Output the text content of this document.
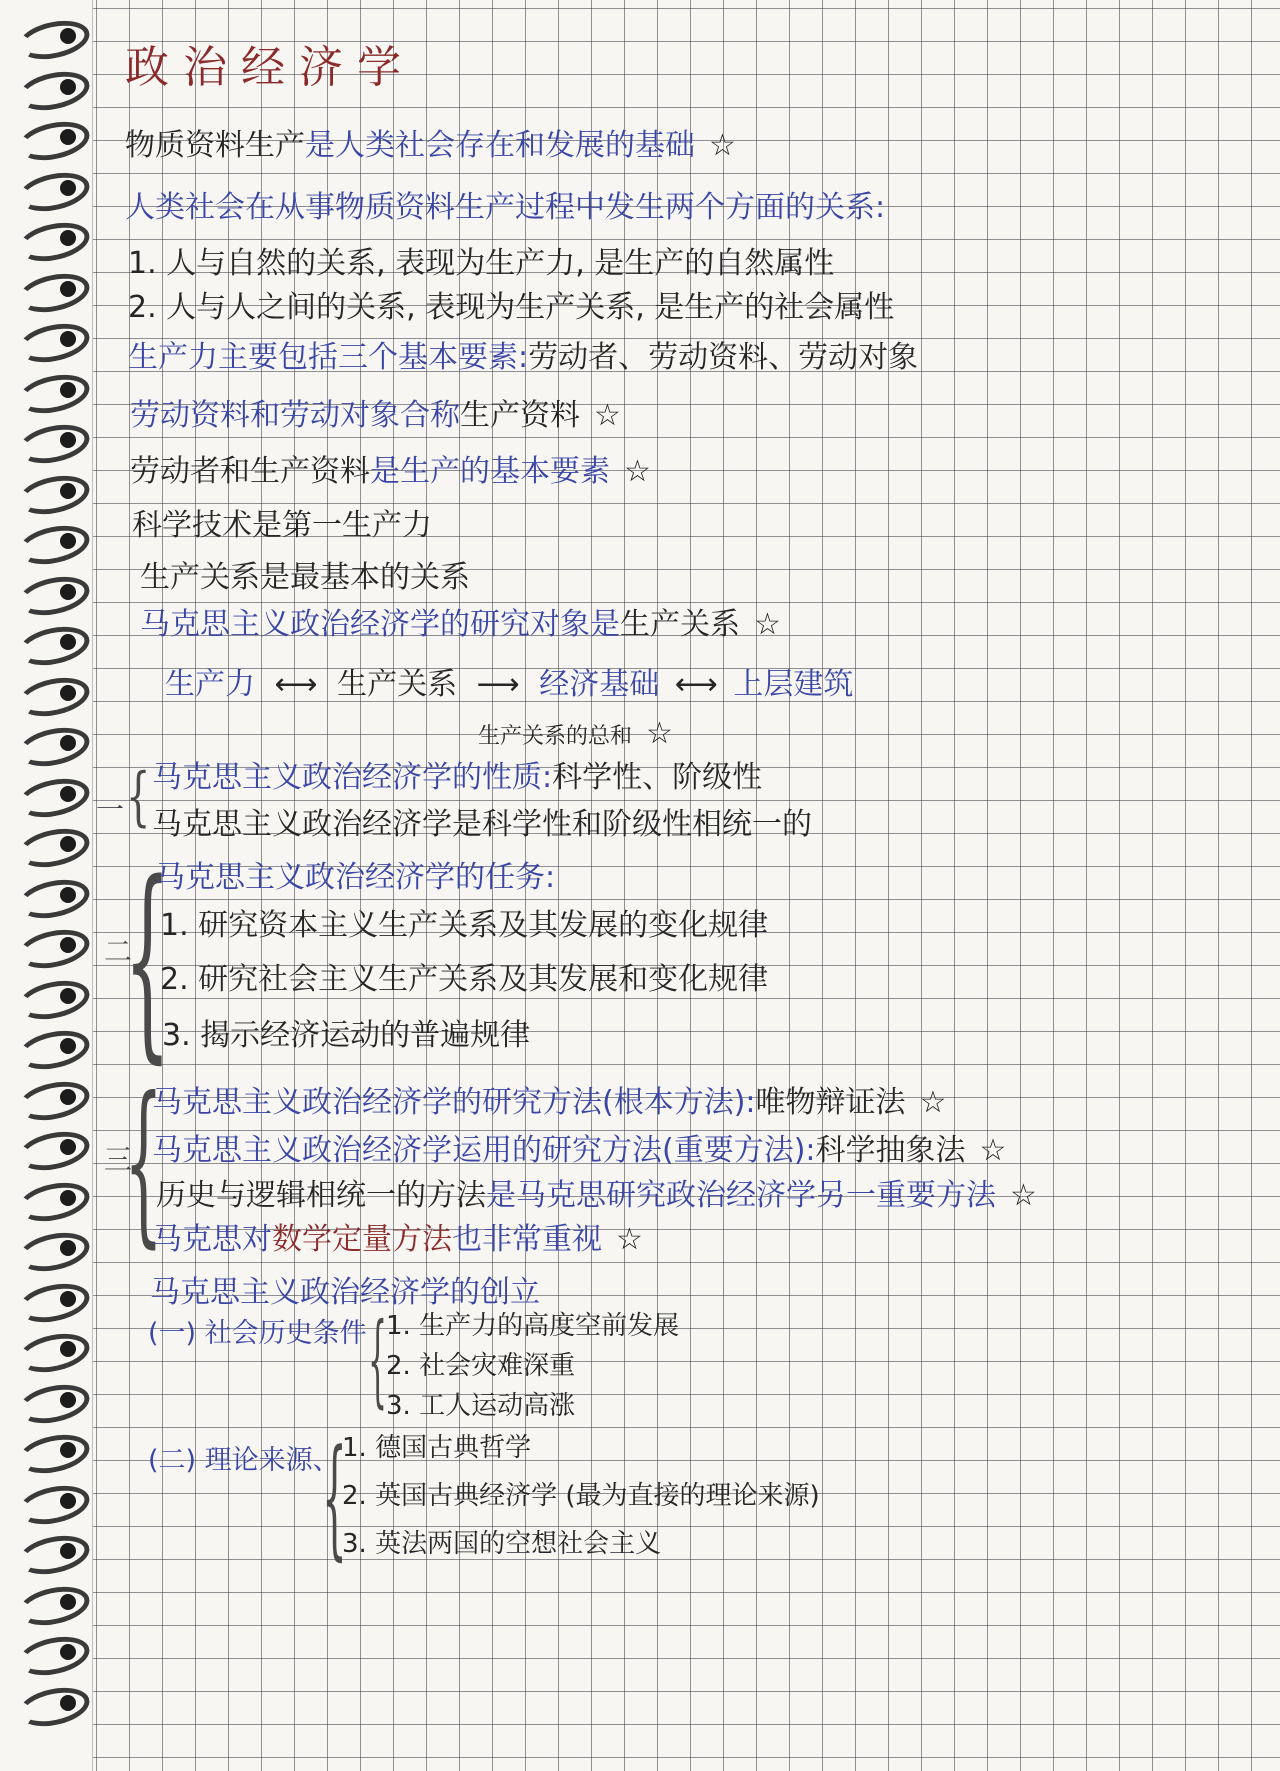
政治经济学
物质资料生产是人类社会存在和发展的基础 ☆
人类社会在从事物质资料生产过程中发生两个方面的关系:
1. 人与自然的关系, 表现为生产力, 是生产的自然属性
2. 人与人之间的关系, 表现为生产关系, 是生产的社会属性
生产力主要包括三个基本要素:劳动者、劳动资料、劳动对象
劳动资料和劳动对象合称生产资料 ☆
劳动者和生产资料是生产的基本要素 ☆
科学技术是第一生产力
生产关系是最基本的关系
马克思主义政治经济学的研究对象是生产关系 ☆
生产力 ⟷ 生产关系 ⟶ 经济基础 ⟷ 上层建筑
生产关系的总和 ☆
一 { 马克思主义政治经济学的性质:科学性、阶级性
马克思主义政治经济学是科学性和阶级性相统一的
二
{
马克思主义政治经济学的任务:
1. 研究资本主义生产关系及其发展的变化规律
2. 研究社会主义生产关系及其发展和变化规律
3. 揭示经济运动的普遍规律
三
{
马克思主义政治经济学的研究方法(根本方法):唯物辩证法 ☆
马克思主义政治经济学运用的研究方法(重要方法):科学抽象法 ☆
历史与逻辑相统一的方法是马克思研究政治经济学另一重要方法 ☆
马克思对数学定量方法也非常重视 ☆
马克思主义政治经济学的创立
(一) 社会历史条件 {
1. 生产力的高度空前发展
2. 社会灾难深重
3. 工人运动高涨
(二) 理论来源、
{
1. 德国古典哲学
2. 英国古典经济学 (最为直接的理论来源)
3. 英法两国的空想社会主义
